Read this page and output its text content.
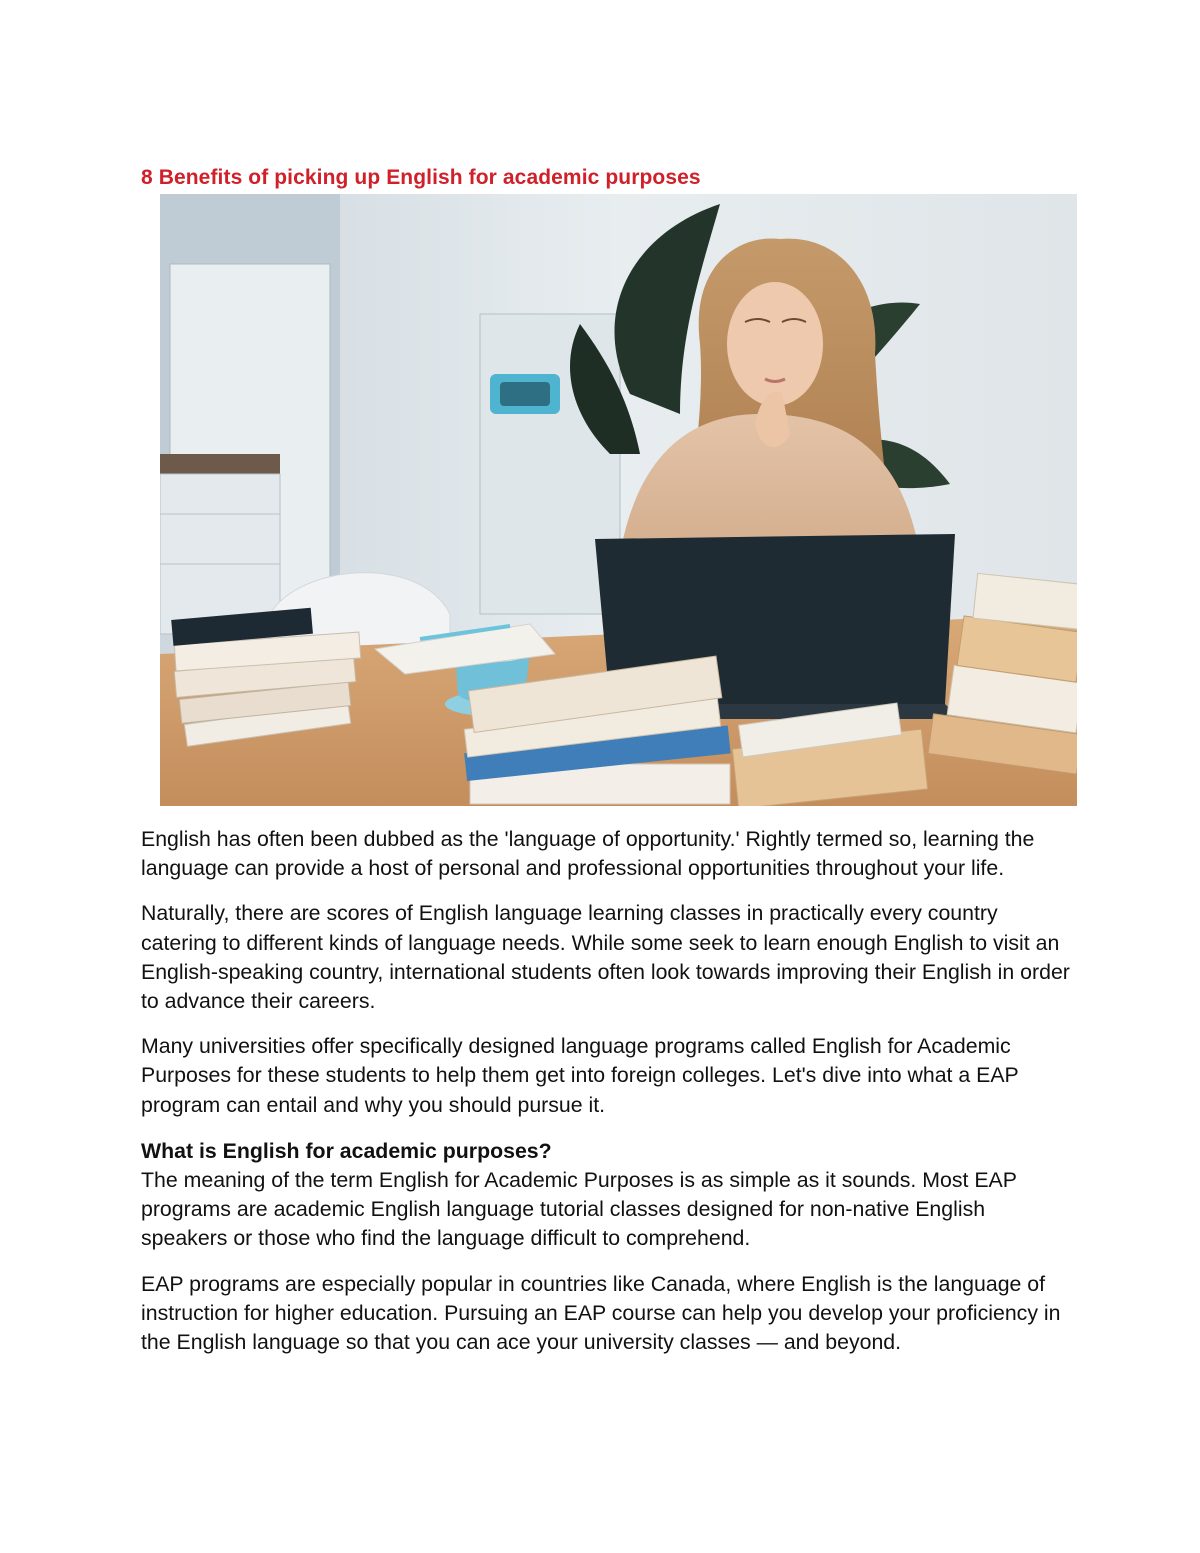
8 Benefits of picking up English for academic purposes

English has often been dubbed as the 'language of opportunity.' Rightly termed so, learning the language can provide a host of personal and professional opportunities throughout your life.

Naturally, there are scores of English language learning classes in practically every country catering to different kinds of language needs. While some seek to learn enough English to visit an English-speaking country, international students often look towards improving their English in order to advance their careers.

Many universities offer specifically designed language programs called English for Academic Purposes for these students to help them get into foreign colleges. Let's dive into what a EAP program can entail and why you should pursue it.

What is English for academic purposes?

The meaning of the term English for Academic Purposes is as simple as it sounds. Most EAP programs are academic English language tutorial classes designed for non-native English speakers or those who find the language difficult to comprehend.

EAP programs are especially popular in countries like Canada, where English is the language of instruction for higher education. Pursuing an EAP course can help you develop your proficiency in the English language so that you can ace your university classes — and beyond.
